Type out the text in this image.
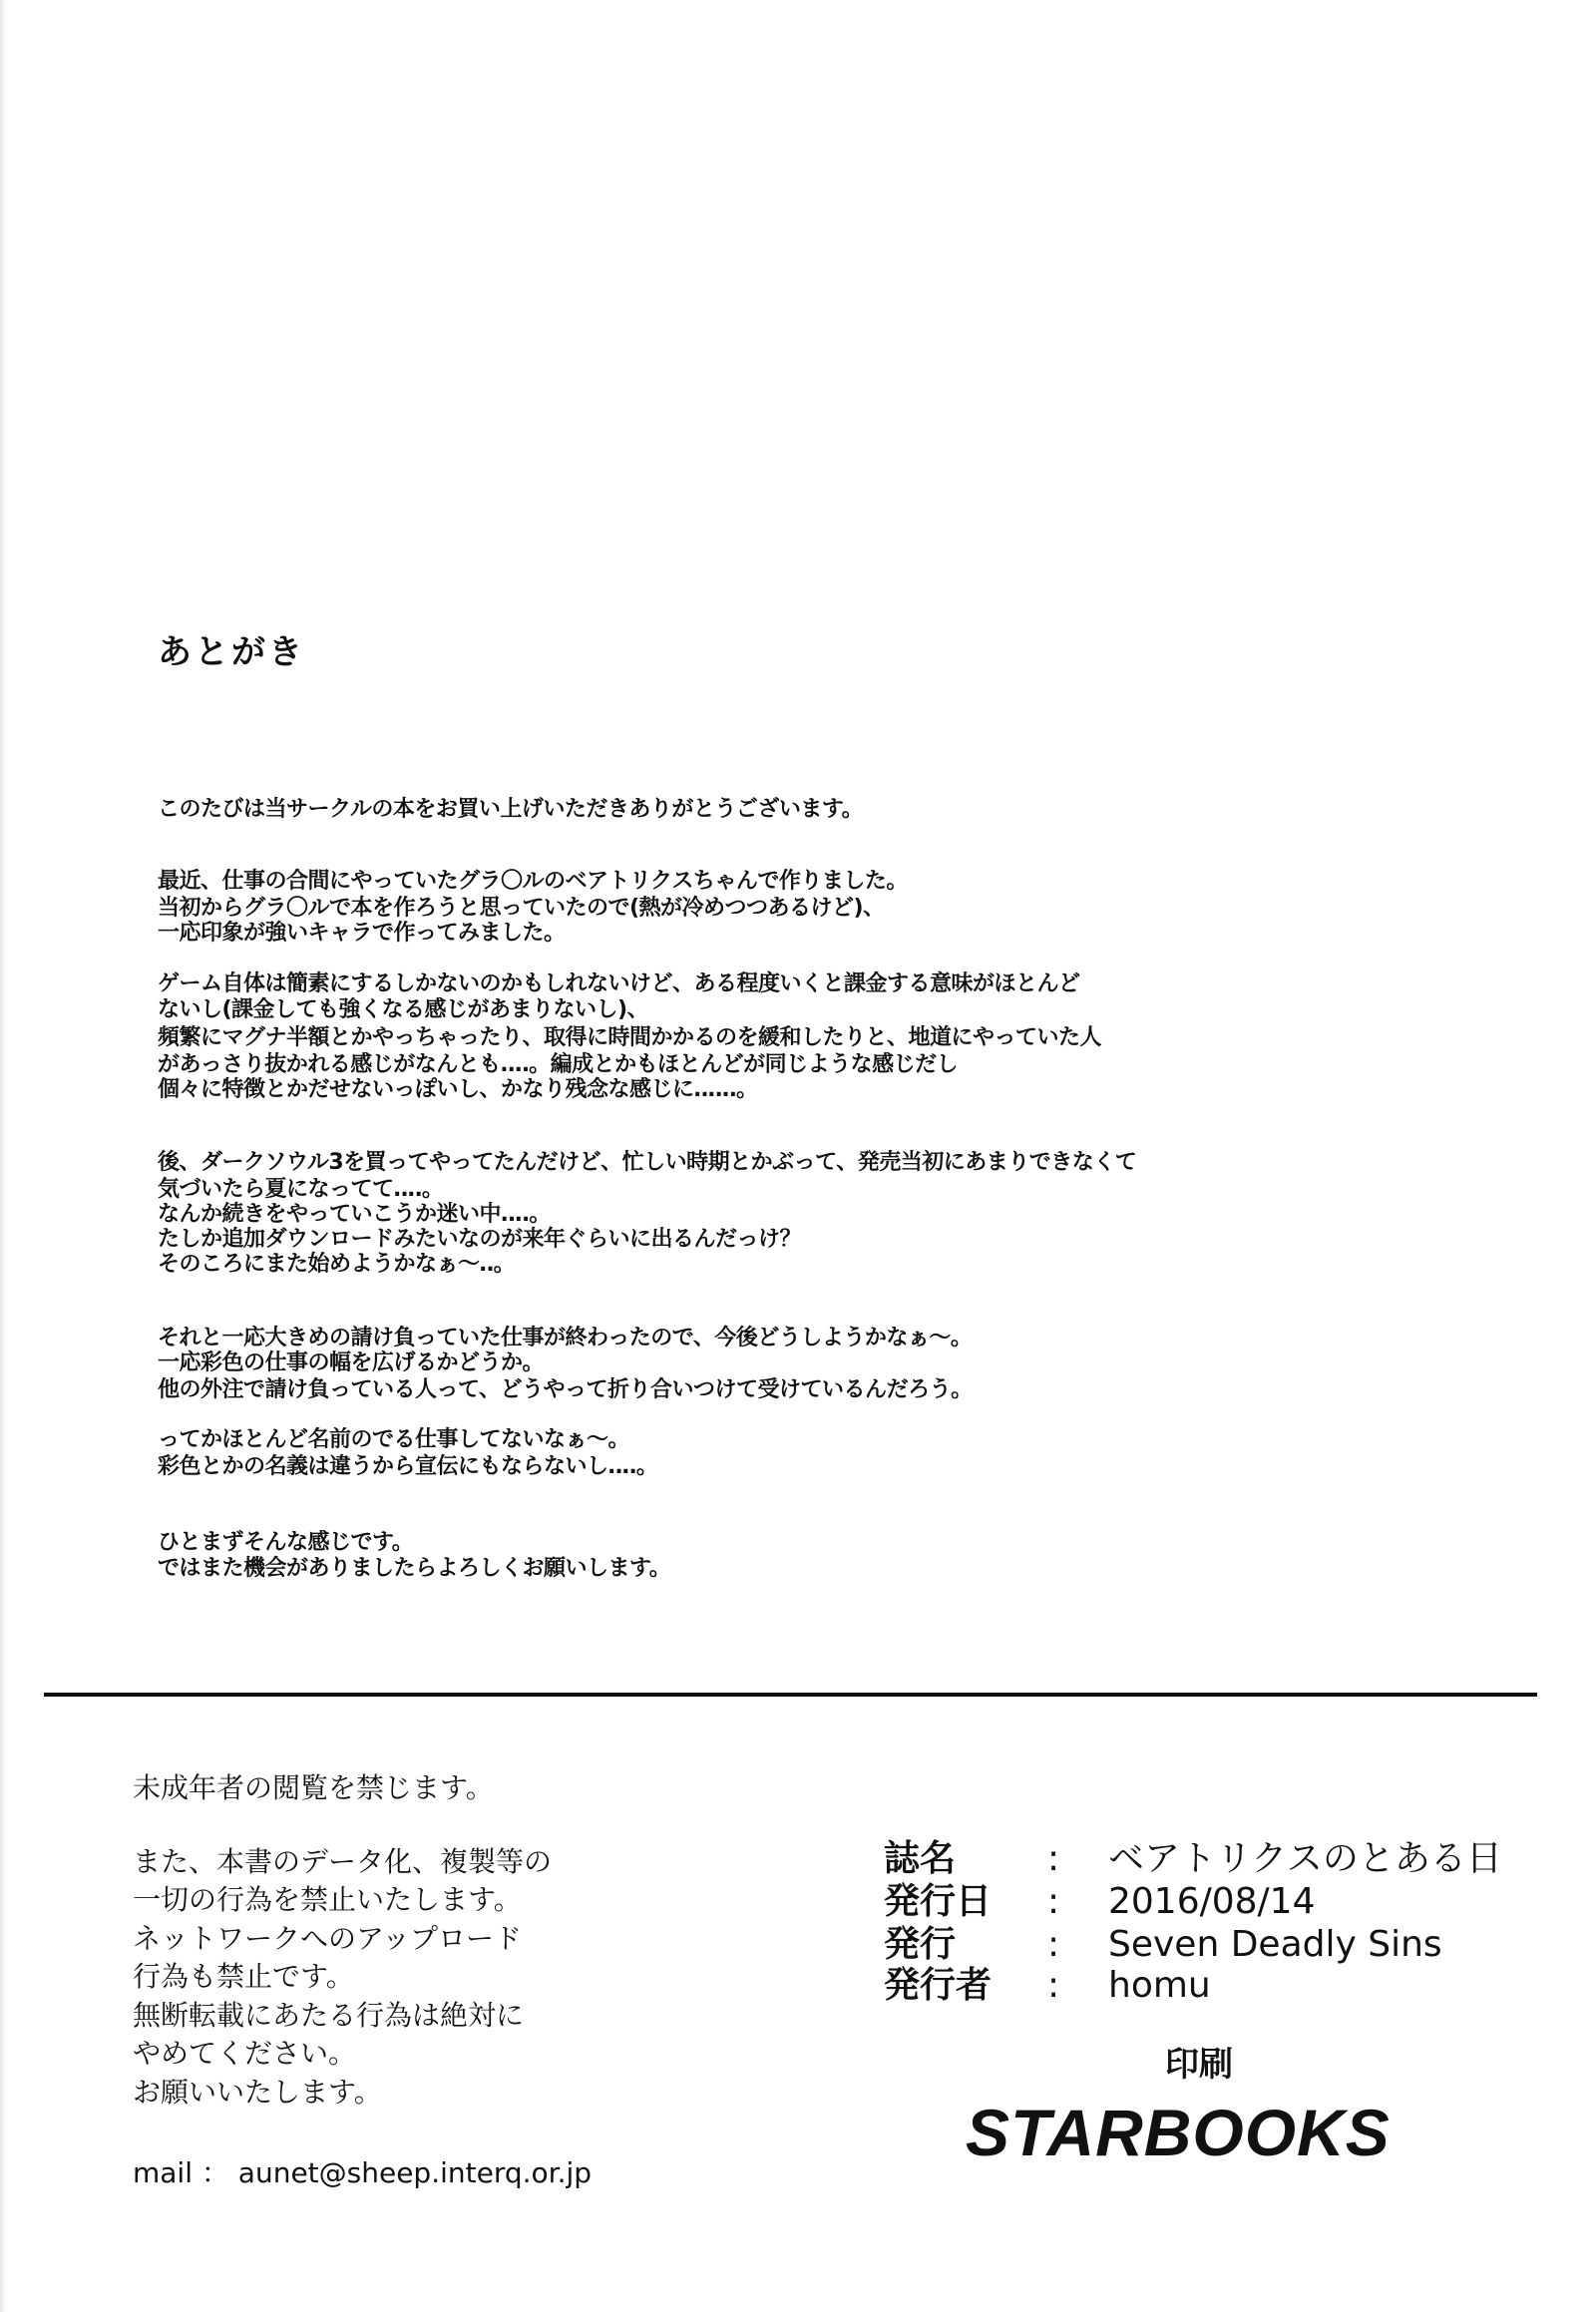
あとがき
このたびは当サークルの本をお買い上げいただきありがとうございます。
最近、仕事の合間にやっていたグラ〇ルのベアトリクスちゃんで作りました。
当初からグラ〇ルで本を作ろうと思っていたので(熱が冷めつつあるけど)、
一応印象が強いキャラで作ってみました。
ゲーム自体は簡素にするしかないのかもしれないけど、ある程度いくと課金する意味がほとんど
ないし(課金しても強くなる感じがあまりないし)、
頻繁にマグナ半額とかやっちゃったり、取得に時間かかるのを緩和したりと、地道にやっていた人
があっさり抜かれる感じがなんとも‥‥。編成とかもほとんどが同じような感じだし
個々に特徴とかだせないっぽいし、かなり残念な感じに‥‥‥。
後、ダークソウル3を買ってやってたんだけど、忙しい時期とかぶって、発売当初にあまりできなくて
気づいたら夏になってて‥‥。
なんか続きをやっていこうか迷い中‥‥。
たしか追加ダウンロードみたいなのが来年ぐらいに出るんだっけ？
そのころにまた始めようかなぁ～‥。
それと一応大きめの請け負っていた仕事が終わったので、今後どうしようかなぁ～。
一応彩色の仕事の幅を広げるかどうか。
他の外注で請け負っている人って、どうやって折り合いつけて受けているんだろう。
ってかほとんど名前のでる仕事してないなぁ～。
彩色とかの名義は違うから宣伝にもならないし‥‥。
ひとまずそんな感じです。
ではまた機会がありましたらよろしくお願いします。
未成年者の閲覧を禁じます。
また、本書のデータ化、複製等の
一切の行為を禁止いたします。
ネットワークへのアップロード
行為も禁止です。
無断転載にあたる行為は絶対に
やめてください。
お願いいたします。
mail ： aunet@sheep.interq.or.jp
誌名	: ベアトリクスのとある日
発行日 : 2016/08/14
発行	: Seven Deadly Sins
発行者 : homu
印刷
STARBOOKS
